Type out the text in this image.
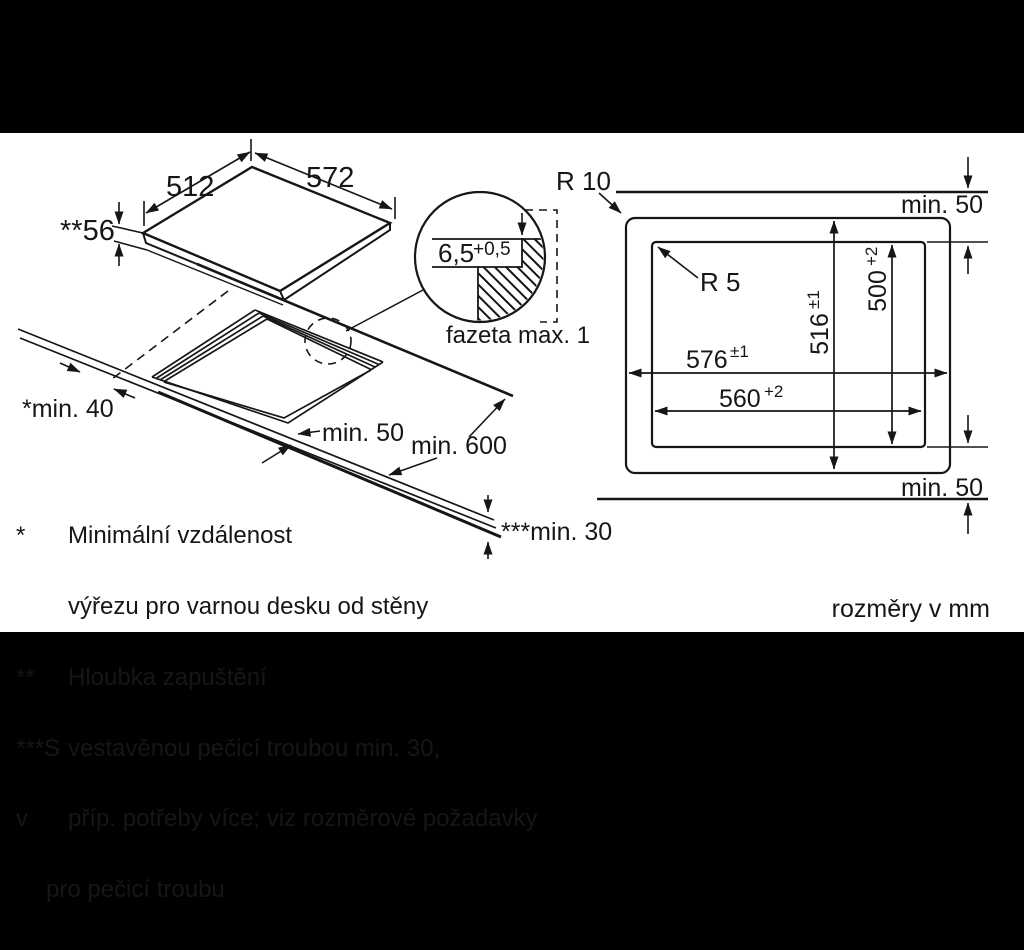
512	572
**56
*min. 40
min. 50 min. 600
***min. 30
6,5
+0,5
fazeta max. 1
R 10
R 5
min. 50
min. 50
576 ±1
560 +2
516
±1 500
+2

*	Minimální vzdálenost

výřezu pro varnou desku od stěny

**	Hloubka zapuštění

***S vestavěnou pečicí troubou min. 30,

v	příp. potřeby více; viz rozměrové požadavky

pro pečicí troubu

rozměry v mm
